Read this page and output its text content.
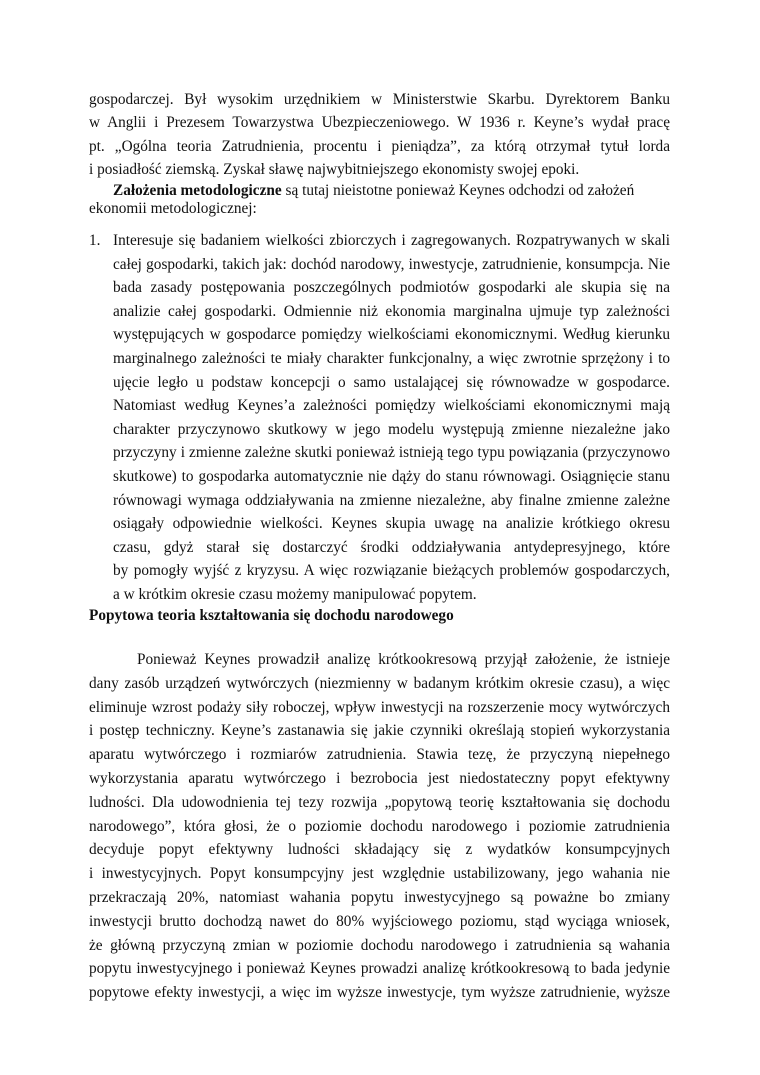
gospodarczej. Był wysokim urzędnikiem w Ministerstwie Skarbu. Dyrektorem Banku
w Anglii i Prezesem Towarzystwa Ubezpieczeniowego. W 1936 r. Keyne’s wydał pracę
pt. „Ogólna teoria Zatrudnienia, procentu i pieniądza”, za którą otrzymał tytuł lorda
i posiadłość ziemską. Zyskał sławę najwybitniejszego ekonomisty swojej epoki.
Założenia metodologiczne są tutaj nieistotne ponieważ Keynes odchodzi od założeń
ekonomii metodologicznej:
1. Interesuje się badaniem wielkości zbiorczych i zagregowanych. Rozpatrywanych w skali
całej gospodarki, takich jak: dochód narodowy, inwestycje, zatrudnienie, konsumpcja. Nie
bada zasady postępowania poszczególnych podmiotów gospodarki ale skupia się na
analizie całej gospodarki. Odmiennie niż ekonomia marginalna ujmuje typ zależności
występujących w gospodarce pomiędzy wielkościami ekonomicznymi. Według kierunku
marginalnego zależności te miały charakter funkcjonalny, a więc zwrotnie sprzężony i to
ujęcie legło u podstaw koncepcji o samo ustalającej się równowadze w gospodarce.
Natomiast według Keynes’a zależności pomiędzy wielkościami ekonomicznymi mają
charakter przyczynowo skutkowy w jego modelu występują zmienne niezależne jako
przyczyny i zmienne zależne skutki ponieważ istnieją tego typu powiązania (przyczynowo
skutkowe) to gospodarka automatycznie nie dąży do stanu równowagi. Osiągnięcie stanu
równowagi wymaga oddziaływania na zmienne niezależne, aby finalne zmienne zależne
osiągały odpowiednie wielkości. Keynes skupia uwagę na analizie krótkiego okresu
czasu, gdyż starał się dostarczyć środki oddziaływania antydepresyjnego, które
by pomogły wyjść z kryzysu. A więc rozwiązanie bieżących problemów gospodarczych,
a w krótkim okresie czasu możemy manipulować popytem.
Popytowa teoria kształtowania się dochodu narodowego
Ponieważ Keynes prowadził analizę krótkookresową przyjął założenie, że istnieje
dany zasób urządzeń wytwórczych (niezmienny w badanym krótkim okresie czasu), a więc
eliminuje wzrost podaży siły roboczej, wpływ inwestycji na rozszerzenie mocy wytwórczych
i postęp techniczny. Keyne’s zastanawia się jakie czynniki określają stopień wykorzystania
aparatu wytwórczego i rozmiarów zatrudnienia. Stawia tezę, że przyczyną niepełnego
wykorzystania aparatu wytwórczego i bezrobocia jest niedostateczny popyt efektywny
ludności. Dla udowodnienia tej tezy rozwija „popytową teorię kształtowania się dochodu
narodowego”, która głosi, że o poziomie dochodu narodowego i poziomie zatrudnienia
decyduje popyt efektywny ludności składający się z wydatków konsumpcyjnych
i inwestycyjnych. Popyt konsumpcyjny jest względnie ustabilizowany, jego wahania nie
przekraczają 20%, natomiast wahania popytu inwestycyjnego są poważne bo zmiany
inwestycji brutto dochodzą nawet do 80% wyjściowego poziomu, stąd wyciąga wniosek,
że główną przyczyną zmian w poziomie dochodu narodowego i zatrudnienia są wahania
popytu inwestycyjnego i ponieważ Keynes prowadzi analizę krótkookresową to bada jedynie
popytowe efekty inwestycji, a więc im wyższe inwestycje, tym wyższe zatrudnienie, wyższe
